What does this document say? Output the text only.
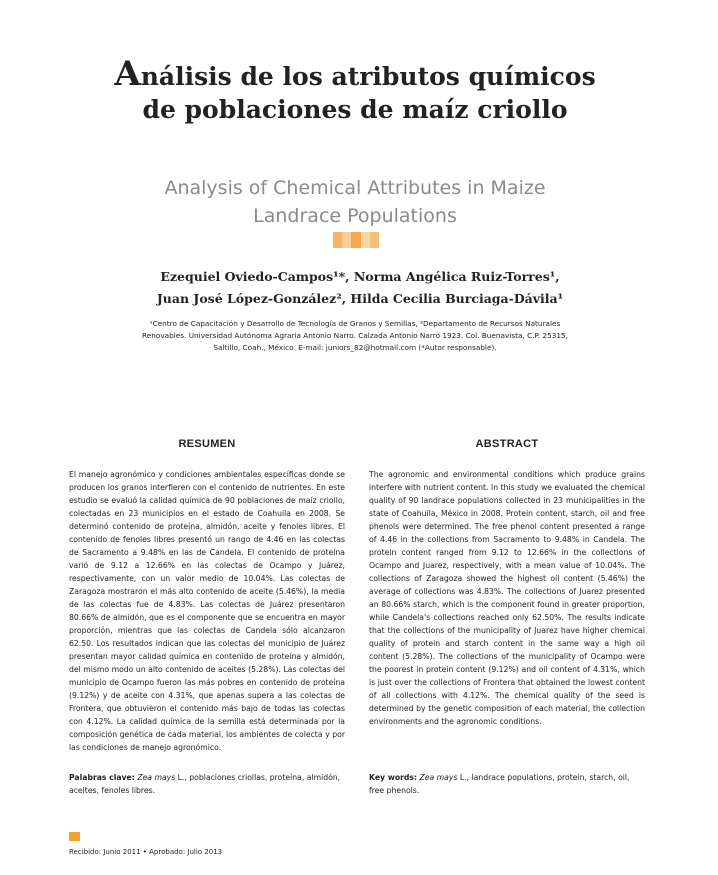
Análisis de los atributos químicos
de poblaciones de maíz criollo
Analysis of Chemical Attributes in Maize
Landrace Populations
Ezequiel Oviedo-Campos¹*, Norma Angélica Ruiz-Torres¹,
Juan José López-González², Hilda Cecilia Burciaga-Dávila¹
¹Centro de Capacitación y Desarrollo de Tecnología de Granos y Semillas, ²Departamento de Recursos Naturales
Renovables. Universidad Autónoma Agraria Antonio Narro. Calzada Antonio Narro 1923. Col. Buenavista, C.P. 25315,
Saltillo, Coah., México. E-mail: juniors_82@hotmail.com (*Autor responsable).
RESUMEN

El manejo agronómico y condiciones ambientales específicas donde se producen los granos interfieren con el contenido de nutrientes. En este estudio se evaluó la calidad química de 90 poblaciones de maíz criollo, colectadas en 23 municipios en el estado de Coahuila en 2008. Se determinó contenido de proteína, almidón, aceite y fenoles libres. El contenido de fenoles libres presentó un rango de 4.46 en las colectas de Sacramento a 9.48% en las de Candela. El contenido de proteína varió de 9.12 a 12.66% en las colectas de Ocampo y Juárez, respectivamente, con un valor medio de 10.04%. Las colectas de Zaragoza mostraron el más alto contenido de aceite (5.46%), la media de las colectas fue de 4.83%. Las colectas de Juárez presentaron 80.66% de almidón, que es el componente que se encuentra en mayor proporción, mientras que las colectas de Candela sólo alcanzaron 62.50. Los resultados indican que las colectas del municipio de Juárez presentan mayor calidad química en contenido de proteína y almidón, del mismo modo un alto contenido de aceites (5.28%). Las colectas del municipio de Ocampo fueron las más pobres en contenido de proteína (9.12%) y de aceite con 4.31%, que apenas supera a las colectas de Frontera, que obtuvieron el contenido más bajo de todas las colectas con 4.12%. La calidad química de la semilla está determinada por la composición genética de cada material, los ambientes de colecta y por las condiciones de manejo agronómico.

ABSTRACT

The agronomic and environmental conditions which produce grains interfere with nutrient content. In this study we evaluated the chemical quality of 90 landrace populations collected in 23 municipalities in the state of Coahuila, México in 2008. Protein content, starch, oil and free phenols were determined. The free phenol content presented a range of 4.46 in the collections from Sacramento to 9.48% in Candela. The protein content ranged from 9.12 to 12.66% in the collections of Ocampo and Juarez, respectively, with a mean value of 10.04%. The collections of Zaragoza showed the highest oil content (5.46%) the average of collections was 4.83%. The collections of Juarez presented an 80.66% starch, which is the component found in greater proportion, while Candela's collections reached only 62.50%. The results indicate that the collections of the municipality of Juarez have higher chemical quality of protein and starch content in the same way a high oil content (5.28%). The collections of the municipality of Ocampo were the poorest in protein content (9.12%) and oil content of 4.31%, which is just over the collections of Frontera that obtained the lowest content of all collections with 4.12%. The chemical quality of the seed is determined by the genetic composition of each material, the collection environments and the agronomic conditions.

Palabras clave: Zea mays L., poblaciones criollas, proteína, almidón, aceites, fenoles libres.
Key words: Zea mays L., landrace populations, protein, starch, oil, free phenols.
Recibido: Junio 2011 • Aprobado: Julio 2013
